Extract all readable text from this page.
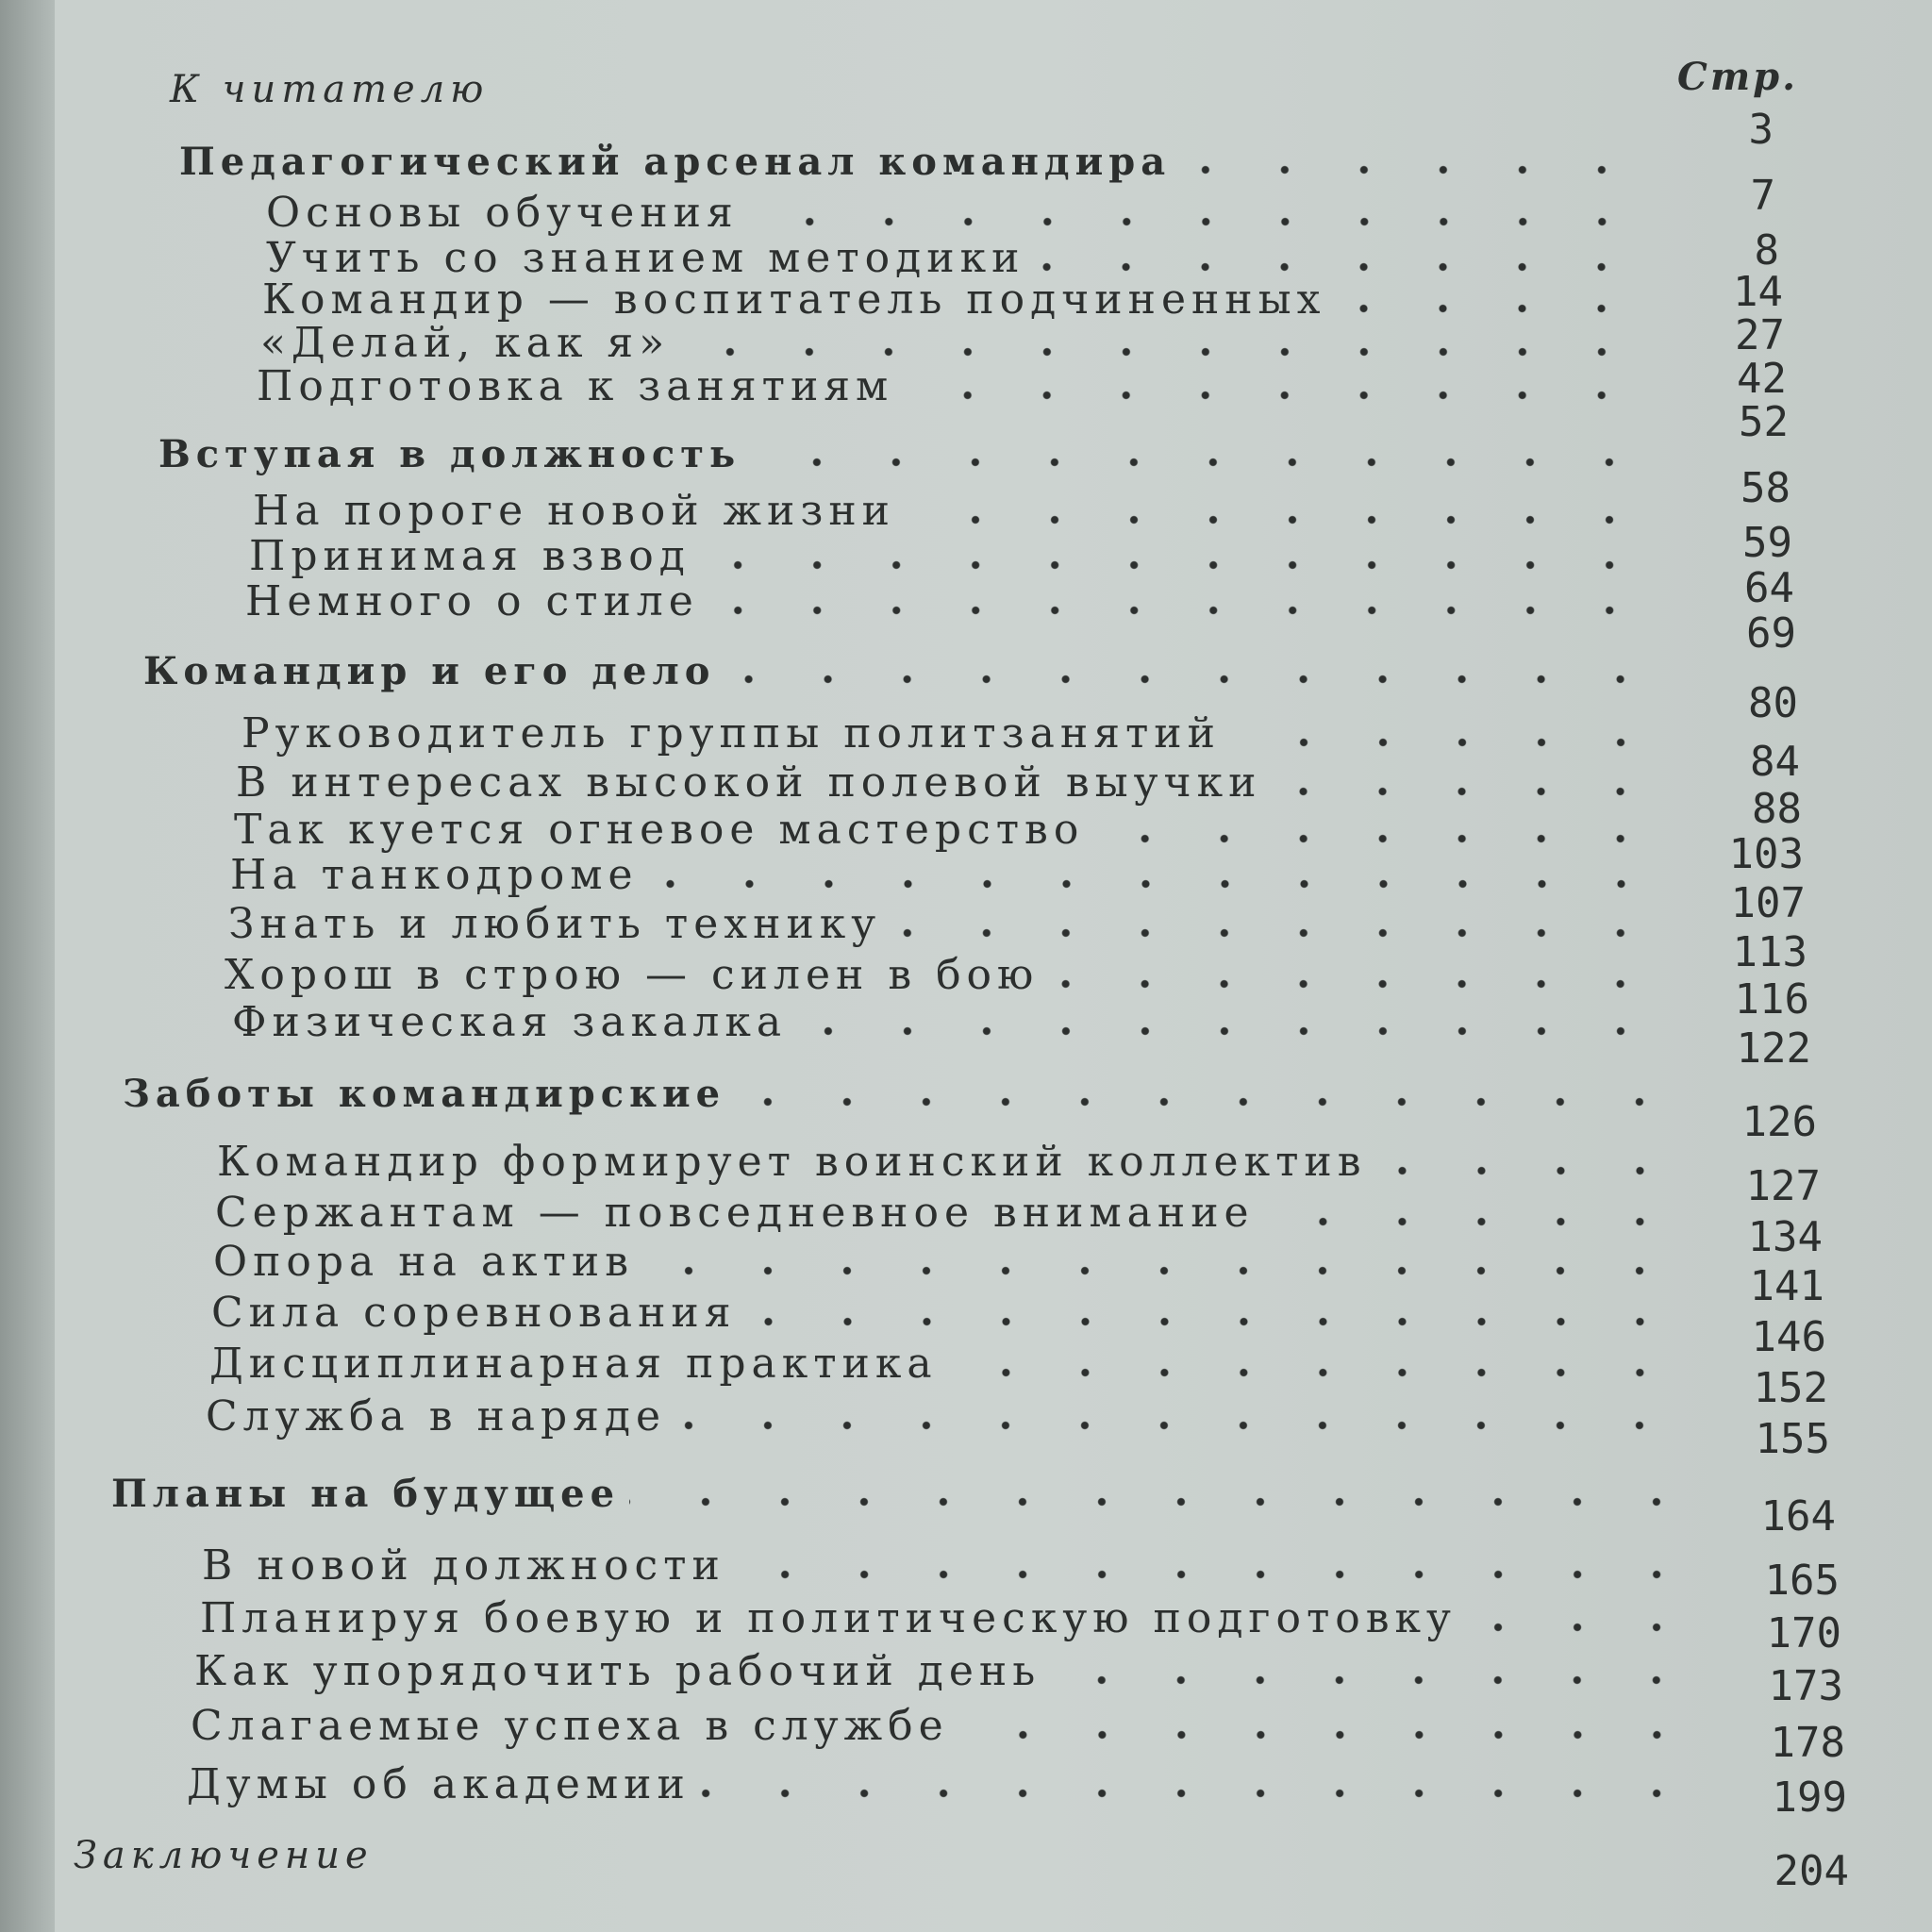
Стр.
К читателю
Педагогический арсенал командира
Основы обучения
Учить со знанием методики
Командир — воспитатель подчиненных
«Делай, как я»
Подготовка к занятиям
Вступая в должность
На пороге новой жизни
Принимая взвод
Немного о стиле
Командир и его дело
Руководитель группы политзанятий
В интересах высокой полевой выучки
Так куется огневое мастерство
На танкодроме
Знать и любить технику
Хорош в строю — силен в бою
Физическая закалка
Заботы командирские
Командир формирует воинский коллектив
Сержантам — повседневное внимание
Опора на актив
Сила соревнования
Дисциплинарная практика
Служба в наряде
Планы на будущее
В новой должности
Планируя боевую и политическую подготовку
Как упорядочить рабочий день
Слагаемые успеха в службе
Думы об академии
Заключение
3
7
8
14
27
42
52
58
59
64
69
80
84
88
103
107
113
116
122
126
127
134
141
146
152
155
164
165
170
173
178
199
204
